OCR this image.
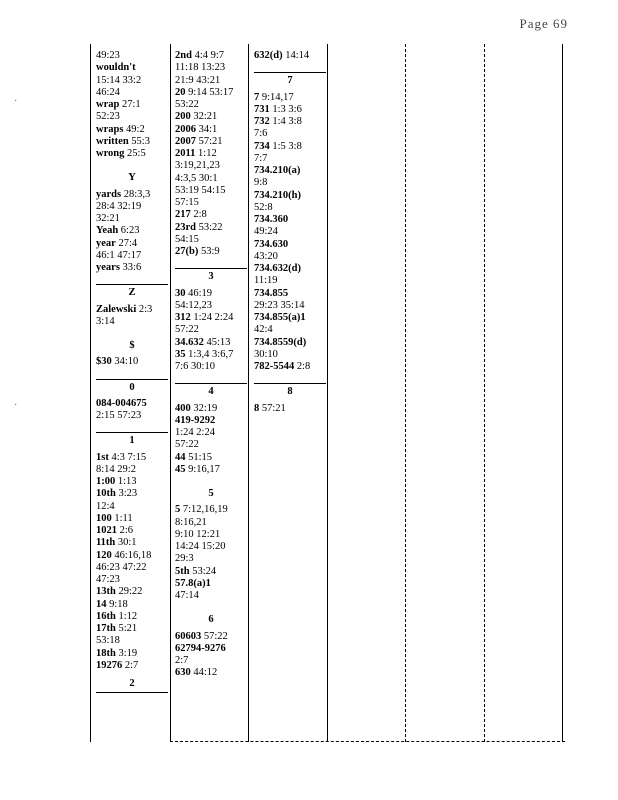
Page 69
49:23
wouldn't
15:14 33:2
46:24
wrap 27:1
52:23
wraps 49:2
written 55:3
wrong 25:5
Y
yards 28:3,3
28:4 32:19
32:21
Yeah 6:23
year 27:4
46:1 47:17
years 33:6
Z
Zalewski 2:3
3:14
$
$30 34:10
0
084-004675
2:15 57:23
1
1st 4:3 7:15
8:14 29:2
1:00 1:13
10th 3:23
12:4
100 1:11
1021 2:6
11th 30:1
120 46:16,18
46:23 47:22
47:23
13th 29:22
14 9:18
16th 1:12
17th 5:21
53:18
18th 3:19
19276 2:7
2
2nd 4:4 9:7
11:18 13:23
21:9 43:21
20 9:14 53:17
53:22
200 32:21
2006 34:1
2007 57:21
2011 1:12
3:19,21,23
4:3,5 30:1
53:19 54:15
57:15
217 2:8
23rd 53:22
54:15
27(b) 53:9
3
30 46:19
54:12,23
312 1:24 2:24
57:22
34.632 45:13
35 1:3,4 3:6,7
7:6 30:10
4
400 32:19
419-9292
1:24 2:24
57:22
44 51:15
45 9:16,17
5
5 7:12,16,19
8:16,21
9:10 12:21
14:24 15:20
29:3
5th 53:24
57.8(a)1
47:14
6
60603 57:22
62794-9276
2:7
630 44:12
632(d) 14:14
7
7 9:14,17
731 1:3 3:6
732 1:4 3:8
7:6
734 1:5 3:8
7:7
734.210(a)
9:8
734.210(h)
52:8
734.360
49:24
734.630
43:20
734.632(d)
11:19
734.855
29:23 35:14
734.855(a)1
42:4
734.8559(d)
30:10
782-5544 2:8
8
8 57:21
·
·
